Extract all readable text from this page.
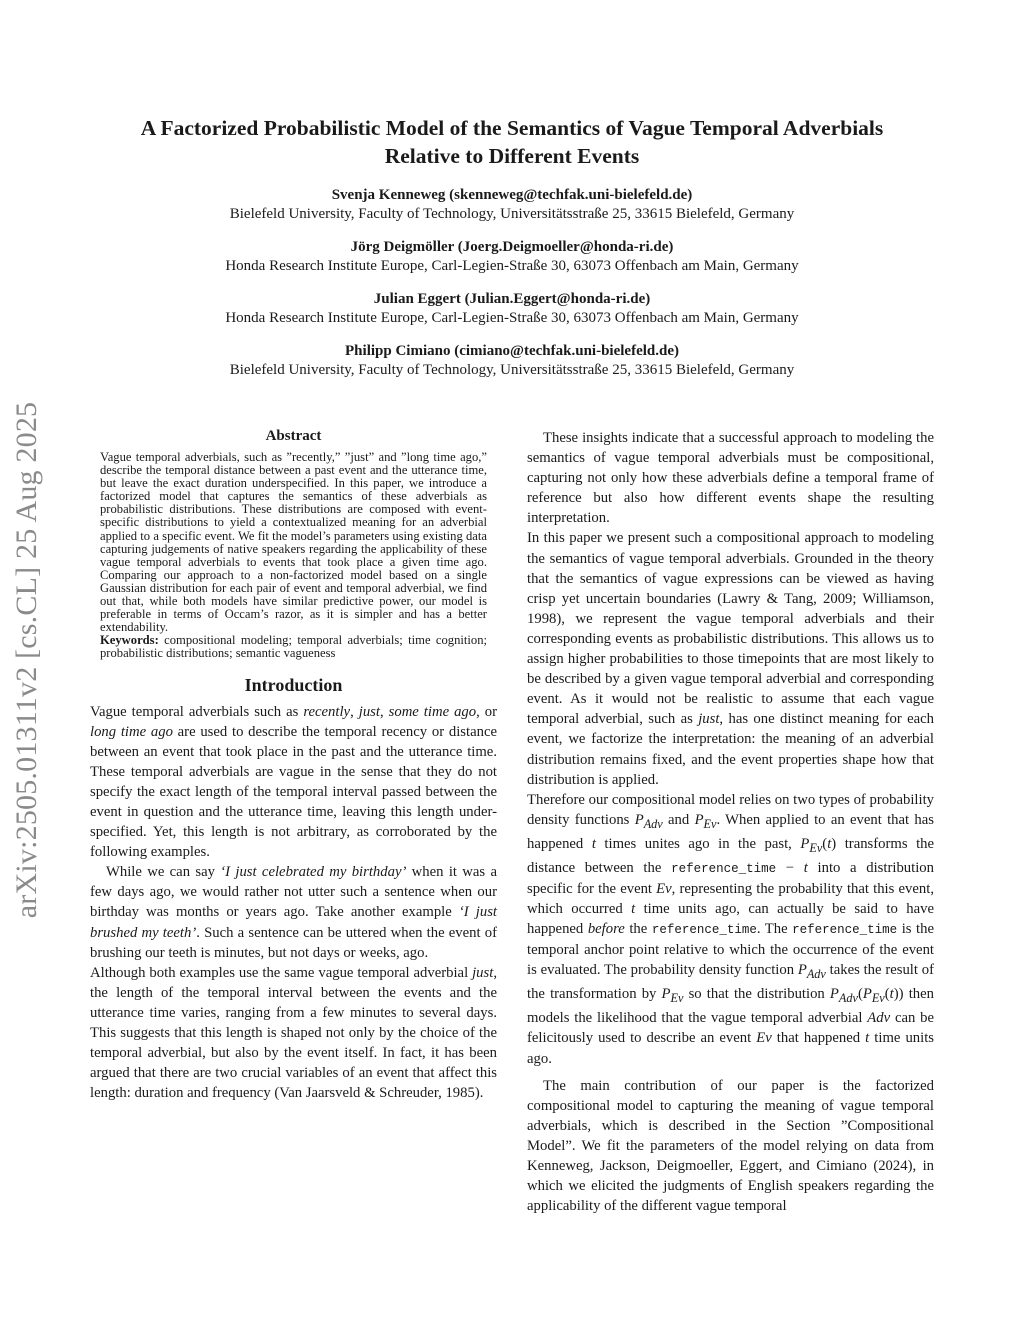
arXiv:2505.01311v2 [cs.CL] 25 Aug 2025
A Factorized Probabilistic Model of the Semantics of Vague Temporal Adverbials
Relative to Different Events
Svenja Kenneweg (skenneweg@techfak.uni-bielefeld.de)
Bielefeld University, Faculty of Technology, Universitätsstraße 25, 33615 Bielefeld, Germany
Jörg Deigmöller (Joerg.Deigmoeller@honda-ri.de)
Honda Research Institute Europe, Carl-Legien-Straße 30, 63073 Offenbach am Main, Germany
Julian Eggert (Julian.Eggert@honda-ri.de)
Honda Research Institute Europe, Carl-Legien-Straße 30, 63073 Offenbach am Main, Germany
Philipp Cimiano (cimiano@techfak.uni-bielefeld.de)
Bielefeld University, Faculty of Technology, Universitätsstraße 25, 33615 Bielefeld, Germany
Abstract

Vague temporal adverbials, such as ”recently,” ”just” and ”long time ago,” describe the temporal distance between a past event and the utterance time, but leave the exact duration underspecified. In this paper, we introduce a factorized model that captures the semantics of these adverbials as probabilistic distributions. These distributions are composed with event-specific distributions to yield a contextualized meaning for an adverbial applied to a specific event. We fit the model’s parameters using existing data capturing judgements of native speakers regarding the applicability of these vague temporal adverbials to events that took place a given time ago. Comparing our approach to a non-factorized model based on a single Gaussian distribution for each pair of event and temporal adverbial, we find out that, while both models have similar predictive power, our model is preferable in terms of Occam’s razor, as it is simpler and has a better extendability.

Keywords: compositional modeling; temporal adverbials; time cognition; probabilistic distributions; semantic vagueness

Introduction

Vague temporal adverbials such as recently, just, some time ago, or long time ago are used to describe the temporal recency or distance between an event that took place in the past and the utterance time. These temporal adverbials are vague in the sense that they do not specify the exact length of the temporal interval passed between the event in question and the utterance time, leaving this length under-specified. Yet, this length is not arbitrary, as corroborated by the following examples.

While we can say ‘I just celebrated my birthday’ when it was a few days ago, we would rather not utter such a sentence when our birthday was months or years ago. Take another example ‘I just brushed my teeth’. Such a sentence can be uttered when the event of brushing our teeth is minutes, but not days or weeks, ago.

Although both examples use the same vague temporal adverbial just, the length of the temporal interval between the events and the utterance time varies, ranging from a few minutes to several days. This suggests that this length is shaped not only by the choice of the temporal adverbial, but also by the event itself. In fact, it has been argued that there are two crucial variables of an event that affect this length: duration and frequency (Van Jaarsveld & Schreuder, 1985).

These insights indicate that a successful approach to modeling the semantics of vague temporal adverbials must be compositional, capturing not only how these adverbials define a temporal frame of reference but also how different events shape the resulting interpretation.

In this paper we present such a compositional approach to modeling the semantics of vague temporal adverbials. Grounded in the theory that the semantics of vague expressions can be viewed as having crisp yet uncertain boundaries (Lawry & Tang, 2009; Williamson, 1998), we represent the vague temporal adverbials and their corresponding events as probabilistic distributions. This allows us to assign higher probabilities to those timepoints that are most likely to be described by a given vague temporal adverbial and corresponding event. As it would not be realistic to assume that each vague temporal adverbial, such as just, has one distinct meaning for each event, we factorize the interpretation: the meaning of an adverbial distribution remains fixed, and the event properties shape how that distribution is applied.

Therefore our compositional model relies on two types of probability density functions $P_{Adv}$ and $P_{Ev}$. When applied to an event that has happened t times unites ago in the past, $P_{Ev}(t)$ transforms the distance between the reference_time − t into a distribution specific for the event Ev, representing the probability that this event, which occurred t time units ago, can actually be said to have happened before the reference_time. The reference_time is the temporal anchor point relative to which the occurrence of the event is evaluated. The probability density function $P_{Adv}$ takes the result of the transformation by $P_{Ev}$ so that the distribution $P_{Adv}(P_{Ev}(t))$ then models the likelihood that the vague temporal adverbial Adv can be felicitously used to describe an event Ev that happened t time units ago.

The main contribution of our paper is the factorized compositional model to capturing the meaning of vague temporal adverbials, which is described in the Section ”Compositional Model”. We fit the parameters of the model relying on data from Kenneweg, Jackson, Deigmoeller, Eggert, and Cimiano (2024), in which we elicited the judgments of English speakers regarding the applicability of the different vague temporal
